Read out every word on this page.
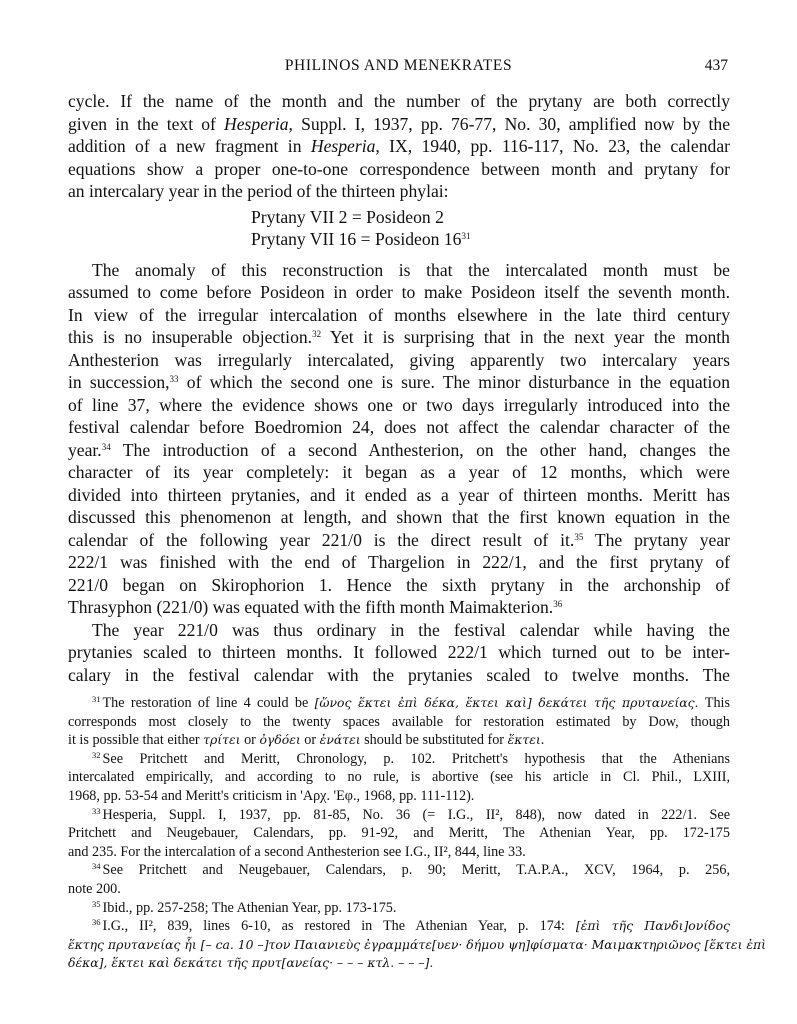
PHILINOS AND MENEKRATES	437
cycle. If the name of the month and the number of the prytany are both correctly
given in the text of Hesperia, Suppl. I, 1937, pp. 76-77, No. 30, amplified now by the
addition of a new fragment in Hesperia, IX, 1940, pp. 116-117, No. 23, the calendar
equations show a proper one-to-one correspondence between month and prytany for
an intercalary year in the period of the thirteen phylai:
Prytany VII 2 = Posideon 2
Prytany VII 16 = Posideon $16^{31}$
The anomaly of this reconstruction is that the intercalated month must be
assumed to come before Posideon in order to make Posideon itself the seventh month.
In view of the irregular intercalation of months elsewhere in the late third century
this is no insuperable objection.$^{32}$ Yet it is surprising that in the next year the month
Anthesterion was irregularly intercalated, giving apparently two intercalary years
in succession,$^{33}$ of which the second one is sure. The minor disturbance in the equation
of line 37, where the evidence shows one or two days irregularly introduced into the
festival calendar before Boedromion 24, does not affect the calendar character of the
year.$^{34}$ The introduction of a second Anthesterion, on the other hand, changes the
character of its year completely: it began as a year of 12 months, which were
divided into thirteen prytanies, and it ended as a year of thirteen months. Meritt has
discussed this phenomenon at length, and shown that the first known equation in the
calendar of the following year 221/0 is the direct result of it.$^{35}$ The prytany year
222/1 was finished with the end of Thargelion in 222/1, and the first prytany of
221/0 began on Skirophorion 1. Hence the sixth prytany in the archonship of
Thrasyphon (221/0) was equated with the fifth month Maimakterion.$^{36}$
The year 221/0 was thus ordinary in the festival calendar while having the
prytanies scaled to thirteen months. It followed 222/1 which turned out to be inter-
calary in the festival calendar with the prytanies scaled to twelve months. The
$^{31}$ The restoration of line 4 could be [ὥνος ἕκτει ἐπὶ δέκα, ἕκτει καὶ] δεκάτει τῆς πρυτανείας. This
corresponds most closely to the twenty spaces available for restoration estimated by Dow, though
it is possible that either τρίτει or ὀγδόει or ἐνάτει should be substituted for ἕκτει.
$^{32}$ See Pritchett and Meritt, Chronology, p. 102. Pritchett's hypothesis that the Athenians
intercalated empirically, and according to no rule, is abortive (see his article in Cl. Phil., LXIII,
1968, pp. 53-54 and Meritt's criticism in 'Αρχ. 'Εφ., 1968, pp. 111-112).
$^{33}$ Hesperia, Suppl. I, 1937, pp. 81-85, No. 36 (= I.G., II², 848), now dated in 222/1. See
Pritchett and Neugebauer, Calendars, pp. 91-92, and Meritt, The Athenian Year, pp. 172-175
and 235. For the intercalation of a second Anthesterion see I.G., II², 844, line 33.
$^{34}$ See Pritchett and Neugebauer, Calendars, p. 90; Meritt, T.A.P.A., XCV, 1964, p. 256,
note 200.
$^{35}$ Ibid., pp. 257-258; The Athenian Year, pp. 173-175.
$^{36}$ I.G., II², 839, lines 6-10, as restored in The Athenian Year, p. 174: [ἐπὶ τῆς Πανδι]ονίδος
ἕκτης πρυτανείας ἧι [– ca. 10 –]τον Παιανιεὺς ἐγραμμάτε[υεν· δήμου ψη]φίσματα· Μαιμακτηριῶνος [ἕκτει ἐπὶ
δέκα], ἕκτει καὶ δεκάτει τῆς πρυτ[ανείας· – – – κτλ. – – –].
